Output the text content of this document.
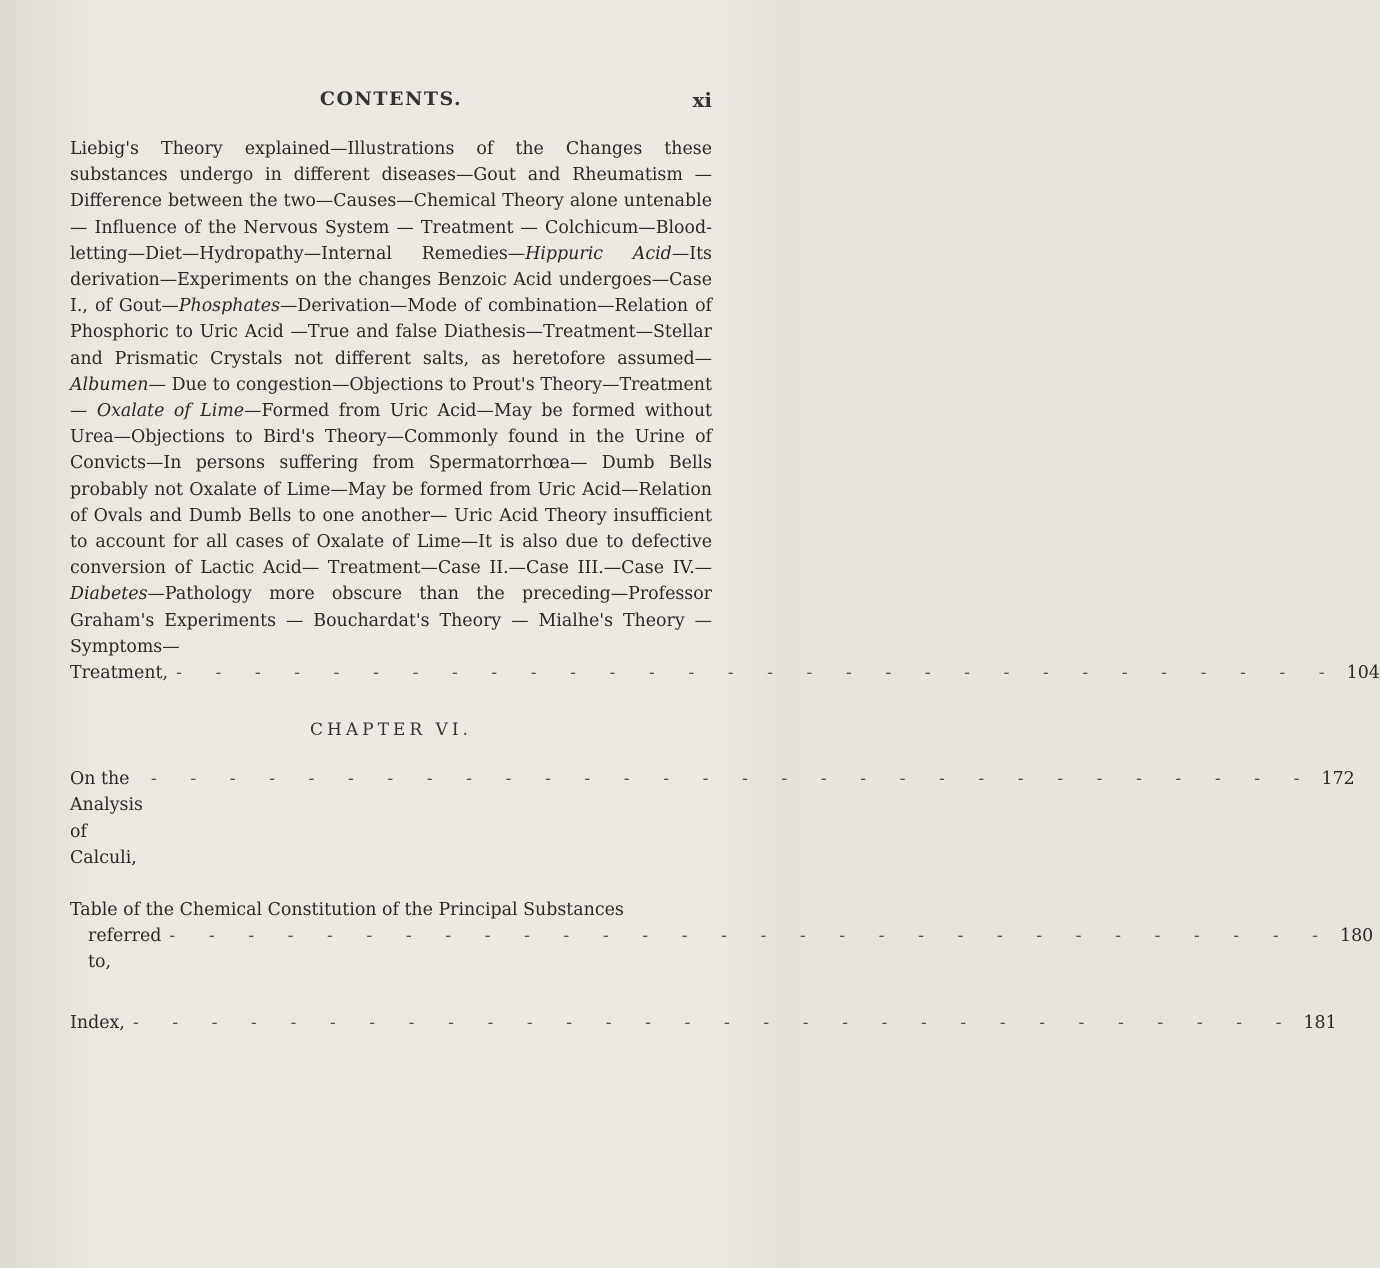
CONTENTS.	xi

Liebig's Theory explained—Illustrations of the Changes these substances undergo in different diseases—Gout and Rheumatism —Difference between the two—Causes—Chemical Theory alone untenable — Influence of the Nervous System — Treatment — Colchicum—Blood-letting—Diet—Hydropathy—Internal Remedies—Hippuric Acid—Its derivation—Experiments on the changes Benzoic Acid undergoes—Case I., of Gout—Phosphates—Derivation—Mode of combination—Relation of Phosphoric to Uric Acid —True and false Diathesis—Treatment—Stellar and Prismatic Crystals not different salts, as heretofore assumed—Albumen— Due to congestion—Objections to Prout's Theory—Treatment— Oxalate of Lime—Formed from Uric Acid—May be formed without Urea—Objections to Bird's Theory—Commonly found in the Urine of Convicts—In persons suffering from Spermatorrhœa— Dumb Bells probably not Oxalate of Lime—May be formed from Uric Acid—Relation of Ovals and Dumb Bells to one another— Uric Acid Theory insufficient to account for all cases of Oxalate of Lime—It is also due to defective conversion of Lactic Acid— Treatment—Case II.—Case III.—Case IV.—Diabetes—Pathology more obscure than the preceding—Professor Graham's Experiments — Bouchardat's Theory — Mialhe's Theory — Symptoms—

Treatment, - - - - - - - - - - - - - - - - - - - - - - - - - - - - - - 104
CHAPTER VI.
On the Analysis of Calculi,
- - - - - - - - - - - - - - - - - - - - - - - - - - - - - - 172
Table of the Chemical Constitution of the Principal Substances
referred to,
- - - - - - - - - - - - - - - - - - - - - - - - - - - - - - 180
Index, - - - - - - - - - - - - - - - - - - - - - - - - - - - - - - 181
